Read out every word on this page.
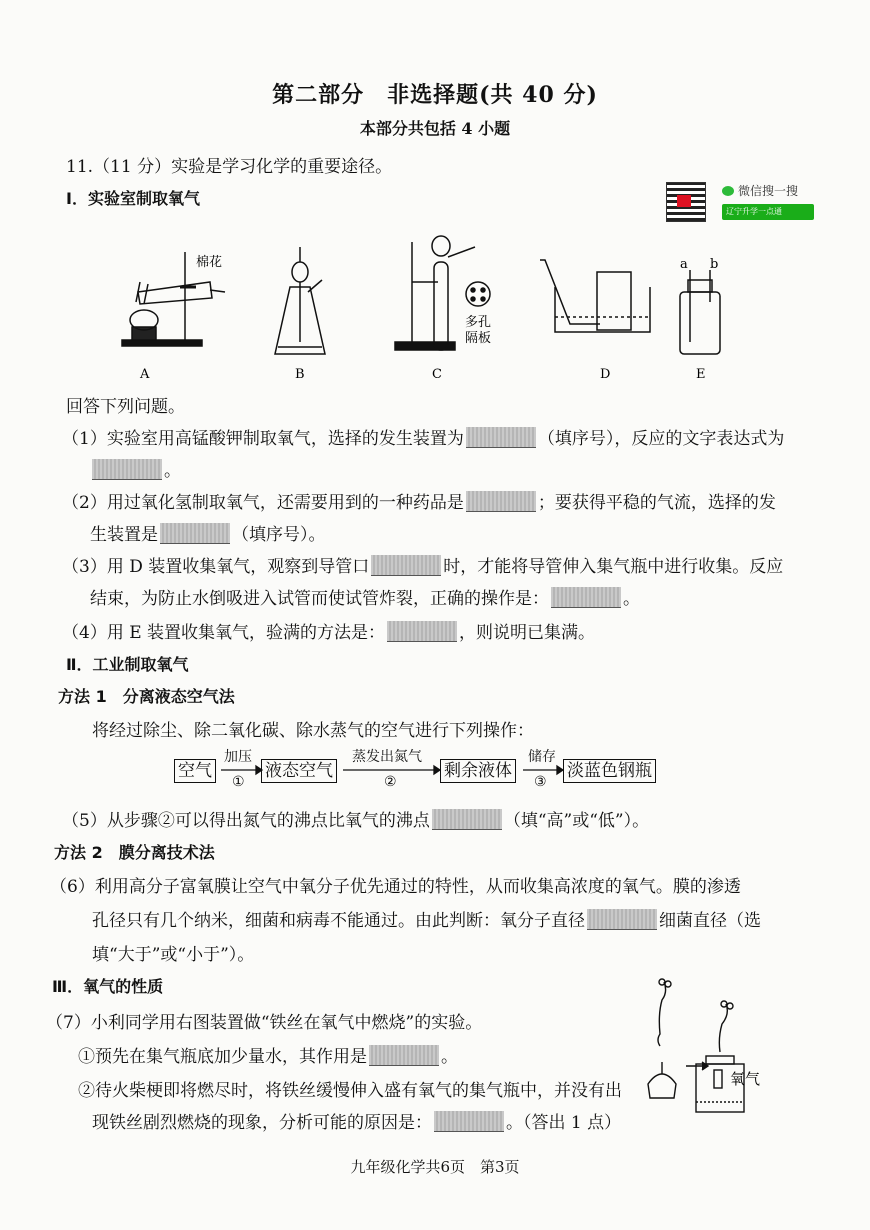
第二部分　非选择题(共 40 分)
本部分共包括 4 小题
11.（11 分）实验是学习化学的重要途径。
Ⅰ．实验室制取氧气	微信搜一搜
辽宁升学一点通
棉花
多孔
隔板
a b
A	B	C	D	E
回答下列问题。
（1）实验室用高锰酸钾制取氧气，选择的发生装置为	（填序号），反应的文字表达式为
。
（2）用过氧化氢制取氧气，还需要用到的一种药品是	；要获得平稳的气流，选择的发
生装置是	（填序号）。
（3）用 D 装置收集氧气，观察到导管口	时，才能将导管伸入集气瓶中进行收集。反应
结束，为防止水倒吸进入试管而使试管炸裂，正确的操作是：	。
（4）用 E 装置收集氧气，验满的方法是：	，则说明已集满。
Ⅱ．工业制取氧气
方法 1　分离液态空气法
将经过除尘、除二氧化碳、除水蒸气的空气进行下列操作：
空气	液态空气	剩余液体	淡蓝色钢瓶
加压
①
蒸发出氮气
②
储存
③
（5）从步骤②可以得出氮气的沸点比氧气的沸点	（填“高”或“低”）。
方法 2　膜分离技术法
（6）利用高分子富氧膜让空气中氧分子优先通过的特性，从而收集高浓度的氧气。膜的渗透
孔径只有几个纳米，细菌和病毒不能通过。由此判断：氧分子直径	细菌直径（选
填“大于”或“小于”）。
Ⅲ．氧气的性质
（7）小利同学用右图装置做“铁丝在氧气中燃烧”的实验。
①预先在集气瓶底加少量水，其作用是	。
②待火柴梗即将燃尽时，将铁丝缓慢伸入盛有氧气的集气瓶中，并没有出
现铁丝剧烈燃烧的现象，分析可能的原因是：	。（答出 1 点）
氧气
九年级化学共6页　第3页
